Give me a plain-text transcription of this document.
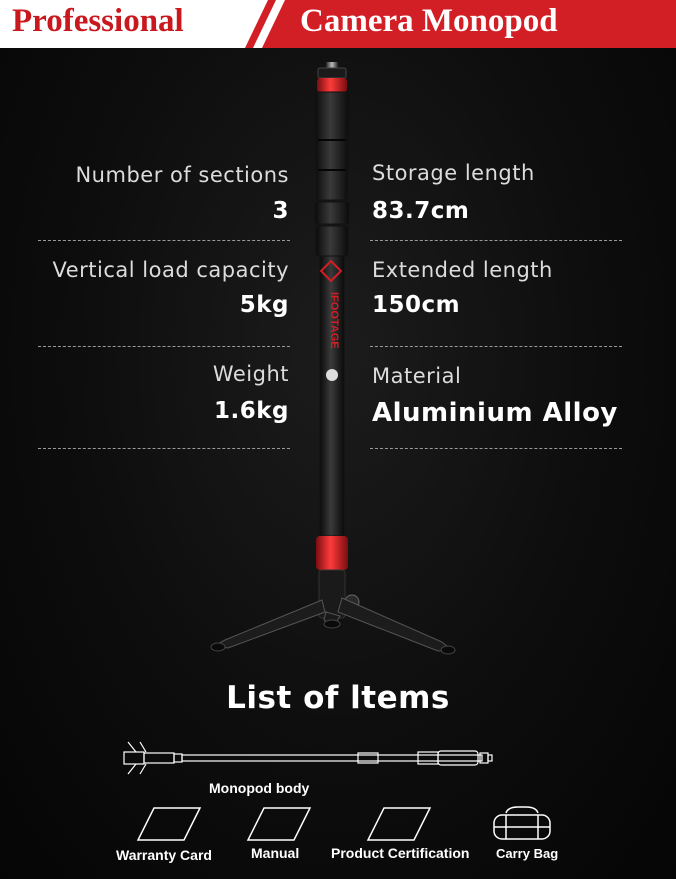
Professional	Camera Monopod
IFOOTAGE
Number of sections
3
Vertical load capacity
5kg
Weight
1.6kg
Storage length
83.7cm
Extended length
150cm
Material
Aluminium Alloy
List of ltems
Monopod body
Warranty Card	Manual Product Certification Carry Bag
